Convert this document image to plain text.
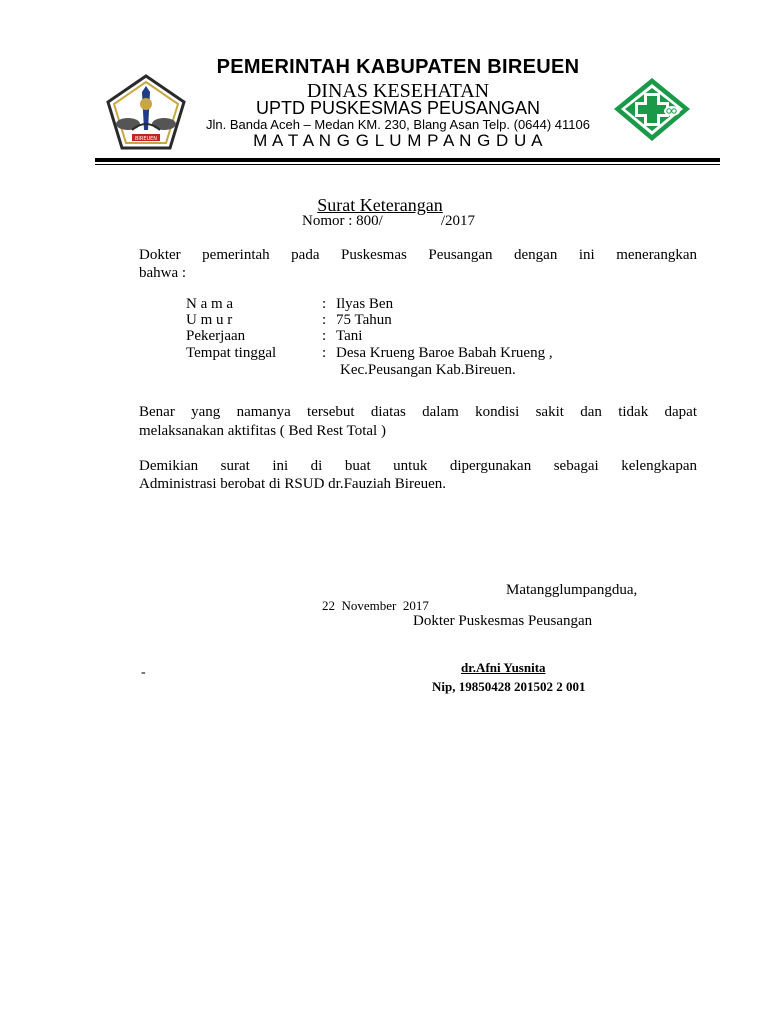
BIREUEN
PEMERINTAH KABUPATEN BIREUEN
DINAS KESEHATAN
UPTD PUSKESMAS PEUSANGAN
Jln. Banda Aceh – Medan KM. 230, Blang Asan Telp. (0644) 41106
M A T A N G G L U M P A N G D U A
Surat Keterangan
Nomor : 800/	/2017
Dokter pemerintah pada Puskesmas Peusangan dengan ini menerangkan
bahwa :
N a m a	: Ilyas Ben
U m u r	: 75 Tahun
Pekerjaan	: Tani
Tempat tinggal	: Desa Krueng Baroe Babah Krueng ,
Kec.Peusangan Kab.Bireuen.
Benar yang namanya tersebut diatas dalam kondisi sakit dan tidak dapat
melaksanakan aktifitas ( Bed Rest Total )
Demikian surat ini di buat untuk dipergunakan sebagai kelengkapan
Administrasi berobat di RSUD dr.Fauziah Bireuen.
Matangglumpangdua,
22  November  2017
Dokter Puskesmas Peusangan
-	dr.Afni Yusnita
Nip, 19850428 201502 2 001
